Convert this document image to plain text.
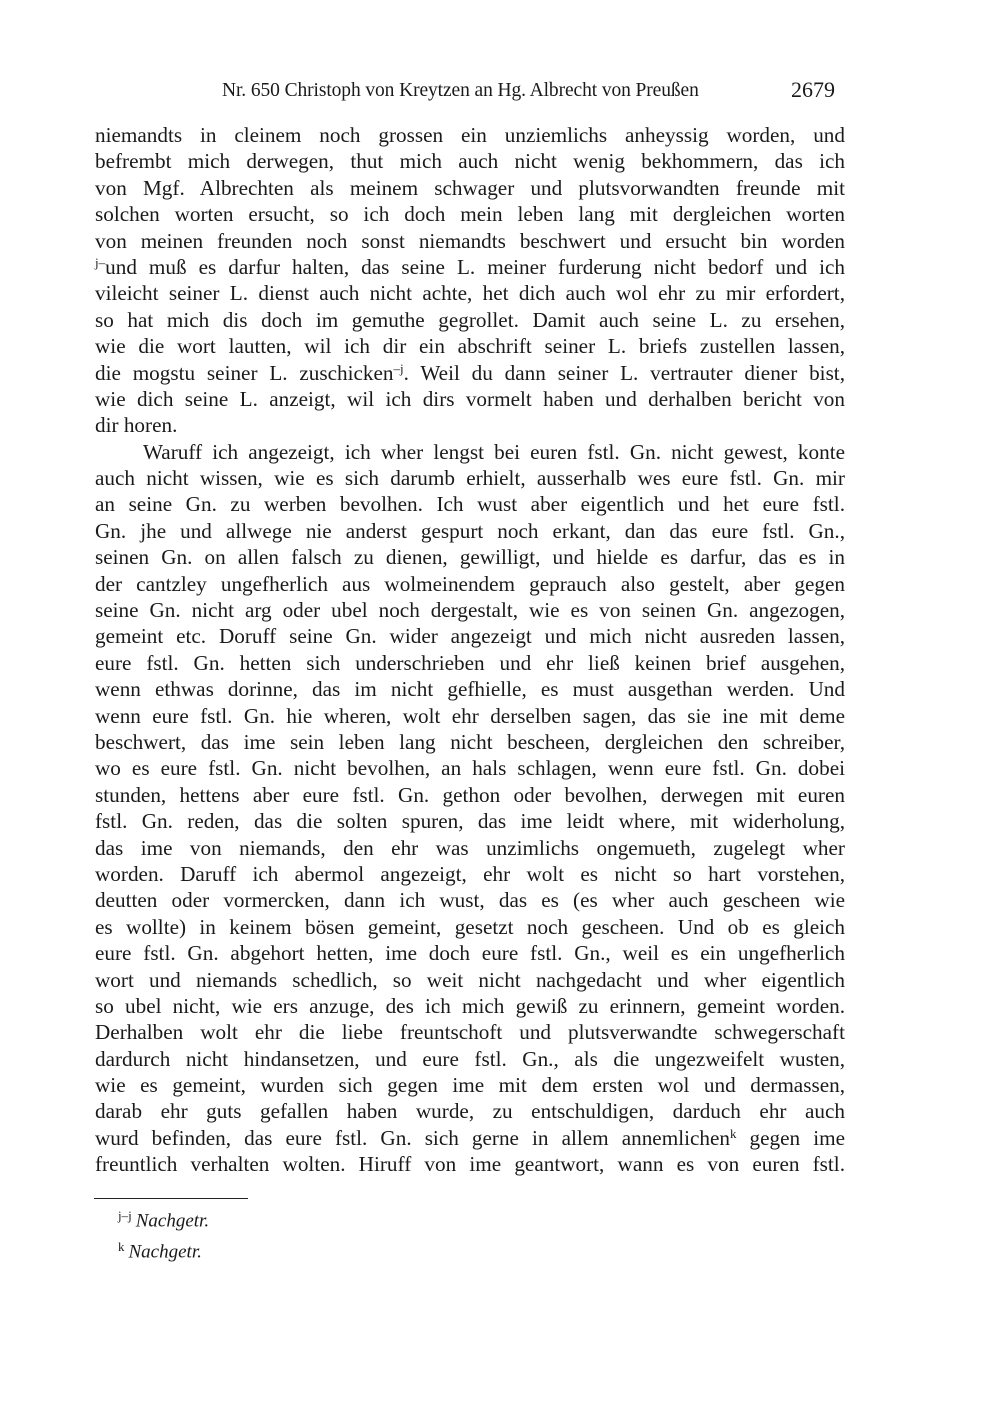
Nr. 650 Christoph von Kreytzen an Hg. Albrecht von Preußen	2679
niemandts in cleinem noch grossen ein unziemlichs anheyssig worden, und
befrembt mich derwegen, thut mich auch nicht wenig bekhommern, das ich
von Mgf. Albrechten als meinem schwager und plutsvorwandten freunde mit
solchen worten ersucht, so ich doch mein leben lang mit dergleichen worten
von meinen freunden noch sonst niemandts beschwert und ersucht bin worden
$^{j-}$und muß es darfur halten, das seine L. meiner furderung nicht bedorf und ich
vileicht seiner L. dienst auch nicht achte, het dich auch wol ehr zu mir erfordert,
so hat mich dis doch im gemuthe gegrollet. Damit auch seine L. zu ersehen,
wie die wort lautten, wil ich dir ein abschrift seiner L. briefs zustellen lassen,
die mogstu seiner L. zuschicken$^{-j}$. Weil du dann seiner L. vertrauter diener bist,
wie dich seine L. anzeigt, wil ich dirs vormelt haben und derhalben bericht von
dir horen.
Waruff ich angezeigt, ich wher lengst bei euren fstl. Gn. nicht gewest, konte
auch nicht wissen, wie es sich darumb erhielt, ausserhalb wes eure fstl. Gn. mir
an seine Gn. zu werben bevolhen. Ich wust aber eigentlich und het eure fstl.
Gn. jhe und allwege nie anderst gespurt noch erkant, dan das eure fstl. Gn.,
seinen Gn. on allen falsch zu dienen, gewilligt, und hielde es darfur, das es in
der cantzley ungefherlich aus wolmeinendem geprauch also gestelt, aber gegen
seine Gn. nicht arg oder ubel noch dergestalt, wie es von seinen Gn. angezogen,
gemeint etc. Doruff seine Gn. wider angezeigt und mich nicht ausreden lassen,
eure fstl. Gn. hetten sich underschrieben und ehr ließ keinen brief ausgehen,
wenn ethwas dorinne, das im nicht gefhielle, es must ausgethan werden. Und
wenn eure fstl. Gn. hie wheren, wolt ehr derselben sagen, das sie ine mit deme
beschwert, das ime sein leben lang nicht bescheen, dergleichen den schreiber,
wo es eure fstl. Gn. nicht bevolhen, an hals schlagen, wenn eure fstl. Gn. dobei
stunden, hettens aber eure fstl. Gn. gethon oder bevolhen, derwegen mit euren
fstl. Gn. reden, das die solten spuren, das ime leidt where, mit widerholung,
das ime von niemands, den ehr was unzimlichs ongemueth, zugelegt wher
worden. Daruff ich abermol angezeigt, ehr wolt es nicht so hart vorstehen,
deutten oder vormercken, dann ich wust, das es (es wher auch gescheen wie
es wollte) in keinem bösen gemeint, gesetzt noch gescheen. Und ob es gleich
eure fstl. Gn. abgehort hetten, ime doch eure fstl. Gn., weil es ein ungefherlich
wort und niemands schedlich, so weit nicht nachgedacht und wher eigentlich
so ubel nicht, wie ers anzuge, des ich mich gewiß zu erinnern, gemeint worden.
Derhalben wolt ehr die liebe freuntschoft und plutsverwandte schwegerschaft
dardurch nicht hindansetzen, und eure fstl. Gn., als die ungezweifelt wusten,
wie es gemeint, wurden sich gegen ime mit dem ersten wol und dermassen,
darab ehr guts gefallen haben wurde, zu entschuldigen, darduch ehr auch
wurd befinden, das eure fstl. Gn. sich gerne in allem annemlichen$^k$ gegen ime
freuntlich verhalten wolten. Hiruff von ime geantwort, wann es von euren fstl.
$^{j-j}$ Nachgetr.
$^k$ Nachgetr.
